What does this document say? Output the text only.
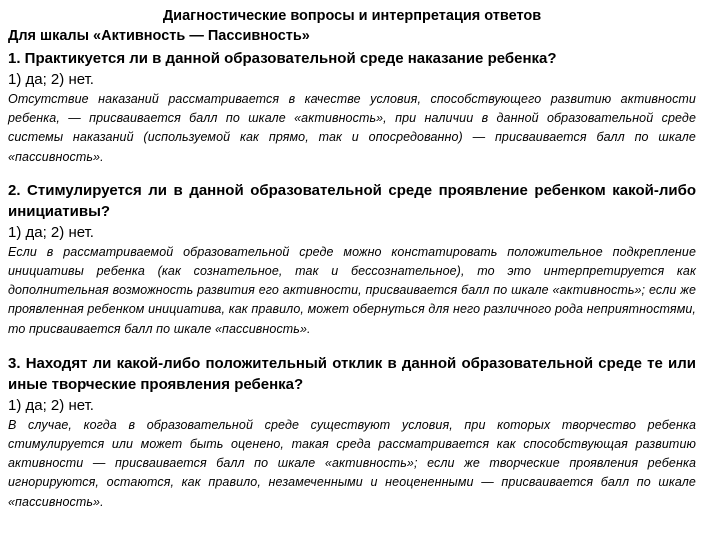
Диагностические вопросы и интерпретация ответов

Для шкалы «Активность — Пассивность»

1. Практикуется ли в данной образовательной среде наказание ребенка?

1) да; 2) нет.

Отсутствие наказаний рассматривается в качестве условия, способствующего развитию активности ребенка, — присваивается балл по шкале «активность», при наличии в данной образовательной среде системы наказаний (используемой как прямо, так и опосредованно) — присваивается балл по шкале «пассивность».

2. Стимулируется ли в данной образовательной среде проявление ребенком какой-либо инициативы?

1) да; 2) нет.

Если в рассматриваемой образовательной среде можно констатировать положительное подкрепление инициативы ребенка (как сознательное, так и бессознательное), то это интерпретируется как дополнительная возможность развития его активности, присваивается балл по шкале «активность»; если же проявленная ребенком инициатива, как правило, может обернуться для него различного рода неприятностями, то присваивается балл по шкале «пассивность».

3. Находят ли какой-либо положительный отклик в данной образовательной среде те или иные творческие проявления ребенка?

1) да; 2) нет.

В случае, когда в образовательной среде существуют условия, при которых творчество ребенка стимулируется или может быть оценено, такая среда рассматривается как способствующая развитию активности — присваивается балл по шкале «активность»; если же творческие проявления ребенка игнорируются, остаются, как правило, незамеченными и неоцененными — присваивается балл по шкале «пассивность».
